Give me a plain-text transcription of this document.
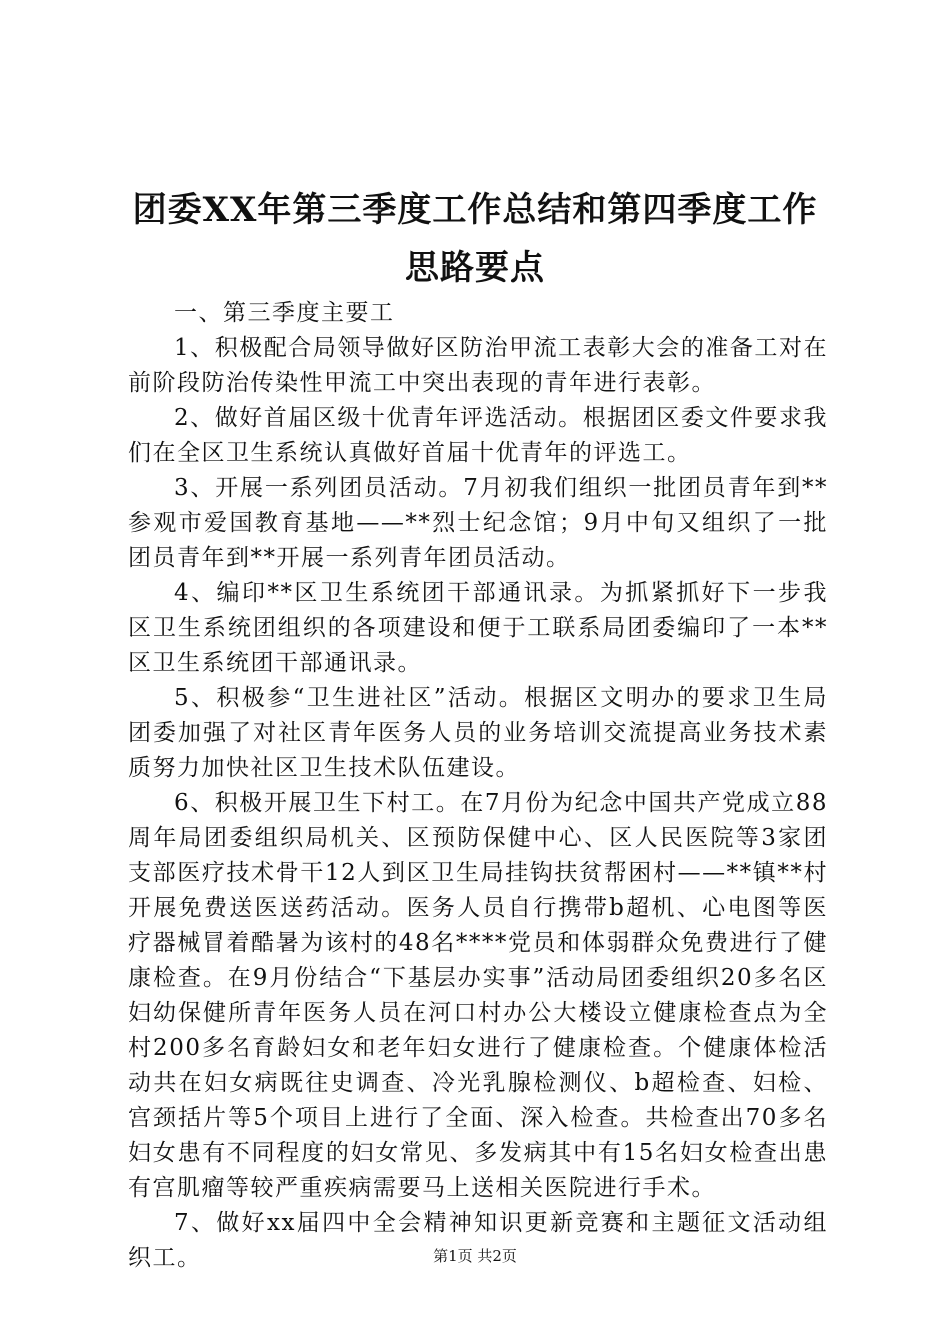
团委XX年第三季度工作总结和第四季度工作
思路要点

一、第三季度主要工

1、积极配合局领导做好区防治甲流工表彰大会的准备工对在前阶段防治传染性甲流工中突出表现的青年进行表彰。

2、做好首届区级十优青年评选活动。根据团区委文件要求我们在全区卫生系统认真做好首届十优青年的评选工。

3、开展一系列团员活动。7月初我们组织一批团员青年到**参观市爱国教育基地——**烈士纪念馆；9月中旬又组织了一批团员青年到**开展一系列青年团员活动。

4、编印**区卫生系统团干部通讯录。为抓紧抓好下一步我区卫生系统团组织的各项建设和便于工联系局团委编印了一本**区卫生系统团干部通讯录。

5、积极参“卫生进社区”活动。根据区文明办的要求卫生局团委加强了对社区青年医务人员的业务培训交流提高业务技术素质努力加快社区卫生技术队伍建设。

6、积极开展卫生下村工。在7月份为纪念中国共产党成立88周年局团委组织局机关、区预防保健中心、区人民医院等3家团支部医疗技术骨干12人到区卫生局挂钩扶贫帮困村——**镇**村开展免费送医送药活动。医务人员自行携带b超机、心电图等医疗器械冒着酷暑为该村的48名****党员和体弱群众免费进行了健康检查。在9月份结合“下基层办实事”活动局团委组织20多名区妇幼保健所青年医务人员在河口村办公大楼设立健康检查点为全村200多名育龄妇女和老年妇女进行了健康检查。个健康体检活动共在妇女病既往史调查、冷光乳腺检测仪、b超检查、妇检、宫颈括片等5个项目上进行了全面、深入检查。共检查出70多名妇女患有不同程度的妇女常见、多发病其中有15名妇女检查出患有宫肌瘤等较严重疾病需要马上送相关医院进行手术。

7、做好xx届四中全会精神知识更新竞赛和主题征文活动组织工。	第1页 共2页
